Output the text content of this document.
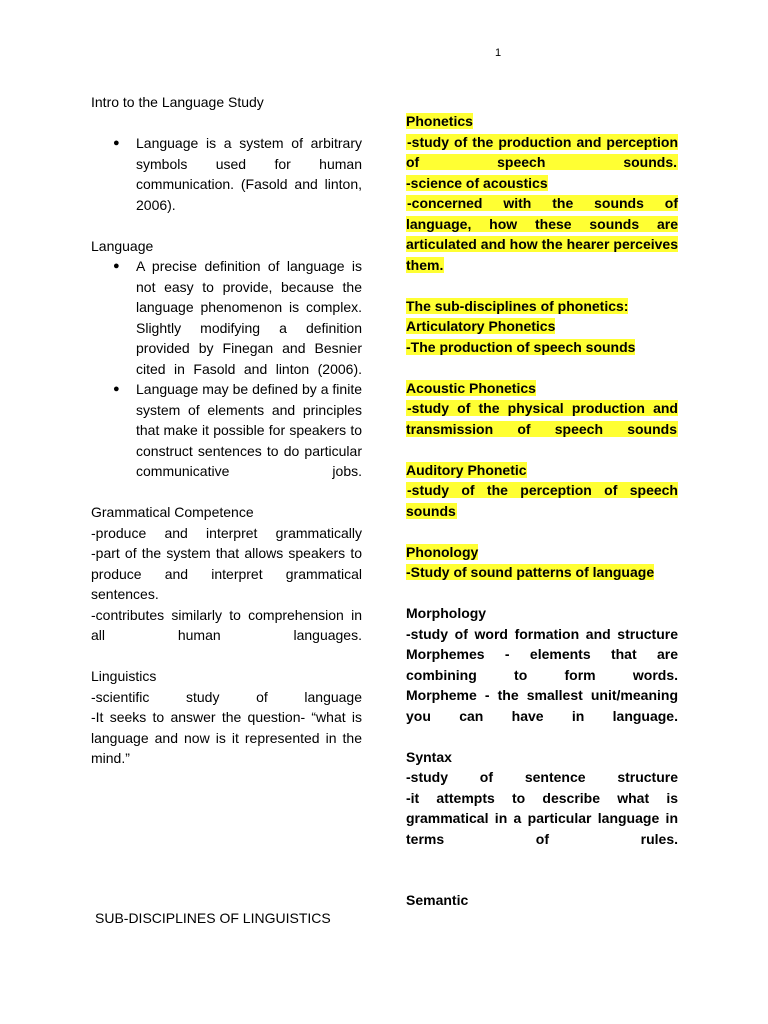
1
Intro to the Language Study
● Language is a system of arbitrary symbols used for human communication. (Fasold and linton, 2006).
Language
● A precise definition of language is not easy to provide, because the language phenomenon is complex. Slightly modifying a definition provided by Finegan and Besnier cited in Fasold and linton (2006).
● Language may be defined by a finite system of elements and principles that make it possible for speakers to construct sentences to do particular communicative jobs.
Grammatical Competence
-produce and interpret grammatically
-part of the system that allows speakers to produce and interpret grammatical sentences.
-contributes similarly to comprehension in all human languages.
Linguistics
-scientific study of language
-It seeks to answer the question- “what is language and now is it represented in the mind.”
SUB-DISCIPLINES OF LINGUISTICS
Phonetics
-study of the production and perception of speech sounds.
-science of acoustics
-concerned with the sounds of language, how these sounds are articulated and how the hearer perceives them.
The sub-disciplines of phonetics:
Articulatory Phonetics
-The production of speech sounds
Acoustic Phonetics
-study of the physical production and transmission of speech sounds
Auditory Phonetic
-study of the perception of speech sounds
Phonology
-Study of sound patterns of language
Morphology
-study of word formation and structure
Morphemes - elements that are combining to form words.
Morpheme - the smallest unit/meaning you can have in language.
Syntax
-study of sentence structure
-it attempts to describe what is grammatical in a particular language in terms of rules.
Semantic
